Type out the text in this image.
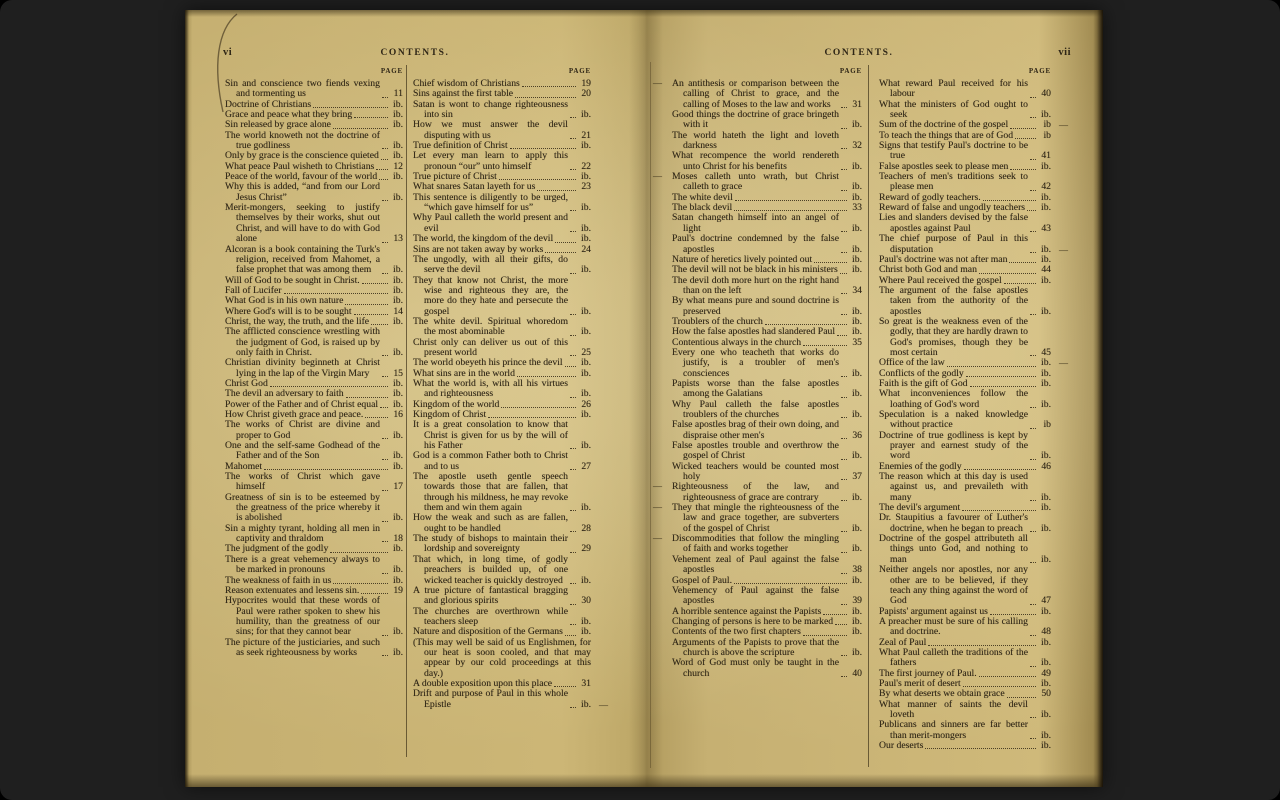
vi	CONTENTS.	CONTENTS.	vii
PAGE	PAGE	PAGE	PAGE
Sin and conscience two fiends vexing and tormenting us	11
Doctrine of Christians	ib.
Grace and peace what they bring	ib.
Sin released by grace alone	ib.
The world knoweth not the doctrine of true godliness	ib.
Only by grace is the conscience quieted	ib.
What peace Paul wisheth to Christians	12
Peace of the world, favour of the world	ib.
Why this is added, “and from our Lord Jesus Christ”	ib.
Merit-mongers, seeking to justify themselves by their works, shut out Christ, and will have to do with God alone	13
Alcoran is a book containing the Turk's religion, received from Mahomet, a false prophet that was among them	ib.
Will of God to be sought in Christ.	ib.
Fall of Lucifer	ib.
What God is in his own nature	ib.
Where God's will is to be sought	14
Christ, the way, the truth, and the life	ib.
The afflicted conscience wrestling with the judgment of God, is raised up by only faith in Christ.	ib.
Christian divinity beginneth at Christ lying in the lap of the Virgin Mary	15
Christ God	ib.
The devil an adversary to faith	ib.
Power of the Father and of Christ equal	ib.
How Christ giveth grace and peace.	16
The works of Christ are divine and proper to God	ib.
One and the self-same Godhead of the Father and of the Son	ib.
Mahomet	ib.
The works of Christ which gave himself	17
Greatness of sin is to be esteemed by the greatness of the price whereby it is abolished	ib.
Sin a mighty tyrant, holding all men in captivity and thraldom	18
The judgment of the godly	ib.
There is a great vehemency always to be marked in pronouns	ib.
The weakness of faith in us	ib.
Reason extenuates and lessens sin.	19
Hypocrites would that these words of Paul were rather spoken to shew his humility, than the greatness of our sins; for that they cannot bear	ib.
The picture of the justiciaries, and such as seek righteousness by works	ib.
Chief wisdom of Christians	19
Sins against the first table	20
Satan is wont to change righteousness into sin	ib.
How we must answer the devil disputing with us	21
True definition of Christ	ib.
Let every man learn to apply this pronoun “our” unto himself	22
True picture of Christ	ib.
What snares Satan layeth for us	23
This sentence is diligently to be urged, “which gave himself for us”	ib.
Why Paul calleth the world present and evil	ib.
The world, the kingdom of the devil	ib.
Sins are not taken away by works	24
The ungodly, with all their gifts, do serve the devil	ib.
They that know not Christ, the more wise and righteous they are, the more do they hate and persecute the gospel	ib.
The white devil. Spiritual whoredom the most abominable	ib.
Christ only can deliver us out of this present world	25
The world obeyeth his prince the devil	ib.
What sins are in the world	ib.
What the world is, with all his virtues and righteousness	ib.
Kingdom of the world	26
Kingdom of Christ	ib.
It is a great consolation to know that Christ is given for us by the will of his Father	ib.
God is a common Father both to Christ and to us	27
The apostle useth gentle speech towards those that are fallen, that through his mildness, he may revoke them and win them again	ib.
How the weak and such as are fallen, ought to be handled	28
The study of bishops to maintain their lordship and sovereignty	29
That which, in long time, of godly preachers is builded up, of one wicked teacher is quickly destroyed	ib.
A true picture of fantastical bragging and glorious spirits	30
The churches are overthrown while teachers sleep	ib.
Nature and disposition of the Germans	ib.
(This may well be said of us Englishmen, for our heat is soon cooled, and that may appear by our cold proceedings at this day.)
A double exposition upon this place	31
Drift and purpose of Paul in this whole Epistle	ib.
—
— An antithesis or comparison between the calling of Christ to grace, and the calling of Moses to the law and works	31
Good things the doctrine of grace bringeth with it	ib.
The world hateth the light and loveth darkness	32
What recompence the world rendereth unto Christ for his benefits	ib.
— Moses calleth unto wrath, but Christ calleth to grace	ib.
The white devil	ib.
The black devil	33
Satan changeth himself into an angel of light	ib.
Paul's doctrine condemned by the false apostles	ib.
Nature of heretics lively pointed out	ib.
The devil will not be black in his ministers	ib.
The devil doth more hurt on the right hand than on the left	34
By what means pure and sound doctrine is preserved	ib.
Troublers of the church	ib.
How the false apostles had slandered Paul	ib.
Contentious always in the church	35
Every one who teacheth that works do justify, is a troubler of men's consciences	ib.
Papists worse than the false apostles among the Galatians	ib.
Why Paul calleth the false apostles troublers of the churches	ib.
False apostles brag of their own doing, and dispraise other men's	36
False apostles trouble and overthrow the gospel of Christ	ib.
Wicked teachers would be counted most holy	37
— Righteousness of the law, and righteousness of grace are contrary	ib.
— They that mingle the righteousness of the law and grace together, are subverters of the gospel of Christ	ib.
— Discommodities that follow the mingling of faith and works together	ib.
Vehement zeal of Paul against the false apostles	38
Gospel of Paul.	ib.
Vehemency of Paul against the false apostles	39
A horrible sentence against the Papists	ib.
Changing of persons is here to be marked	ib.
Contents of the two first chapters	ib.
Arguments of the Papists to prove that the church is above the scripture	ib.
Word of God must only be taught in the church	40
What reward Paul received for his labour	40
What the ministers of God ought to seek	ib.
Sum of the doctrine of the gospel	ib
—
To teach the things that are of God	ib
Signs that testify Paul's doctrine to be true	41
False apostles seek to please men	ib.
Teachers of men's traditions seek to please men	42
Reward of godly teachers.	ib.
Reward of false and ungodly teachers	ib.
Lies and slanders devised by the false apostles against Paul	43
The chief purpose of Paul in this disputation	ib.
—
Paul's doctrine was not after man	ib.
Christ both God and man	44
Where Paul received the gospel	ib.
The argument of the false apostles taken from the authority of the apostles	ib.
So great is the weakness even of the godly, that they are hardly drawn to God's promises, though they be most certain	45
Office of the law	ib.
—
Conflicts of the godly	ib.
Faith is the gift of God	ib.
What inconveniences follow the loathing of God's word	ib.
Speculation is a naked knowledge without practice	ib
Doctrine of true godliness is kept by prayer and earnest study of the word	ib.
Enemies of the godly	46
The reason which at this day is used against us, and prevaileth with many	ib.
The devil's argument	ib.
Dr. Staupitius a favourer of Luther's doctrine, when he began to preach	ib.
Doctrine of the gospel attributeth all things unto God, and nothing to man	ib.
Neither angels nor apostles, nor any other are to be believed, if they teach any thing against the word of God	47
Papists' argument against us	ib.
A preacher must be sure of his calling and doctrine.	48
Zeal of Paul	ib.
What Paul calleth the traditions of the fathers	ib.
The first journey of Paul.	49
Paul's merit of desert	ib.
By what deserts we obtain grace	50
What manner of saints the devil loveth	ib.
Publicans and sinners are far better than merit-mongers	ib.
Our deserts	ib.
